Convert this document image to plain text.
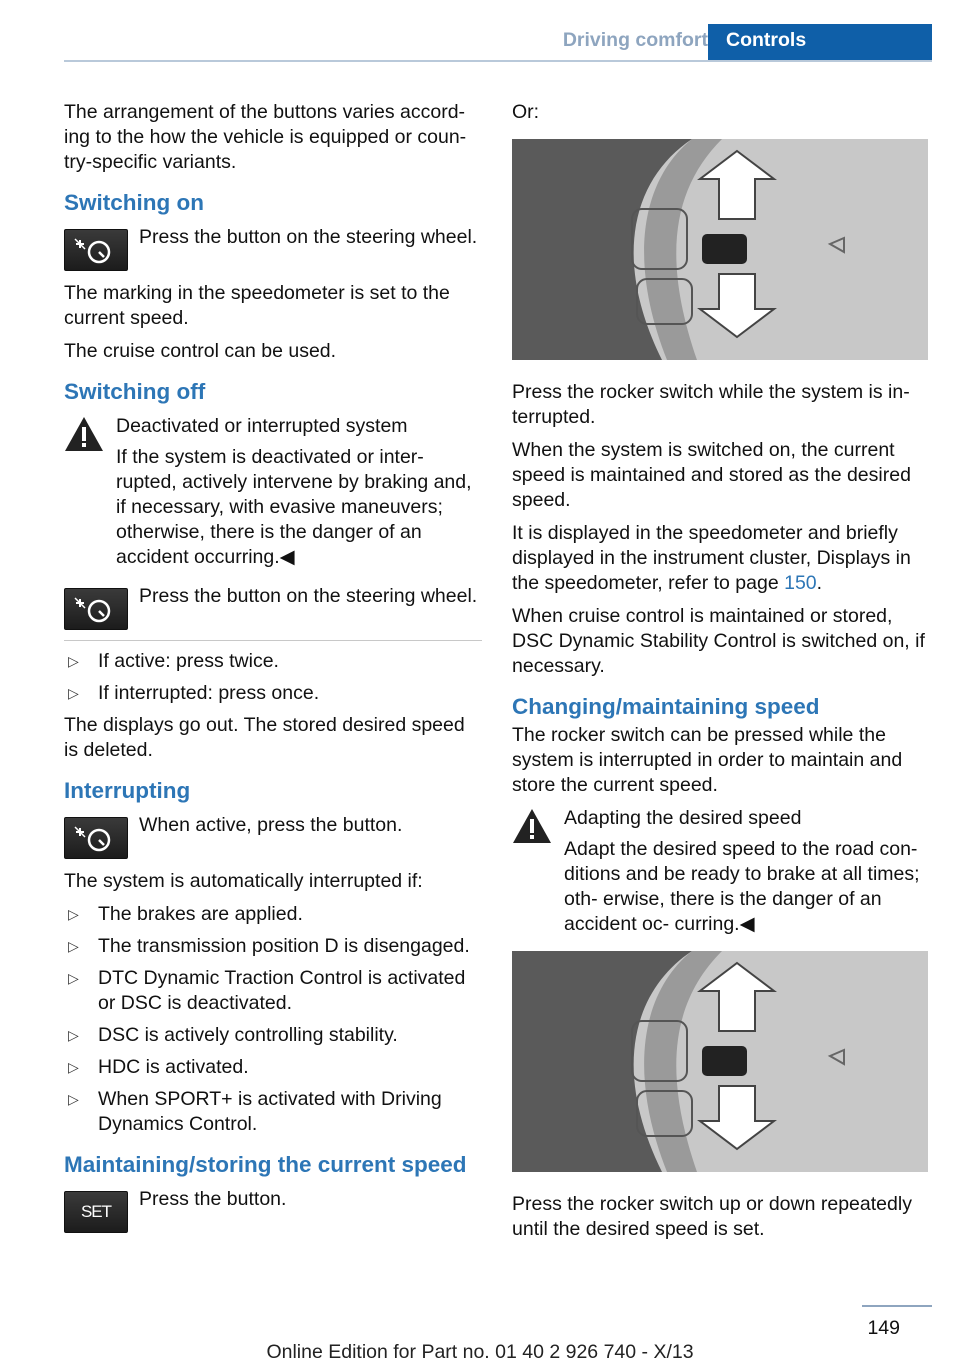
Driving comfort Controls

The arrangement of the buttons varies accord- ing to the how the vehicle is equipped or coun- try-specific variants.

Switching on
Press the button on the steering wheel.

The marking in the speedometer is set to the current speed.

The cruise control can be used.

Switching off
Deactivated or interrupted system
If the system is deactivated or inter- rupted, actively intervene by braking and, if necessary, with evasive maneuvers; otherwise, there is the danger of an accident occurring.◀
Press the button on the steering wheel.
▷ If active: press twice.
▷ If interrupted: press once.

The displays go out. The stored desired speed is deleted.

Interrupting
When active, press the button.

The system is automatically interrupted if:

▷ The brakes are applied.
▷ The transmission position D is disengaged.
▷ DTC Dynamic Traction Control is activated or DSC is deactivated.
▷ DSC is actively controlling stability.
▷ HDC is activated.
▷ When SPORT+ is activated with Driving Dynamics Control.
Maintaining/storing the current speed
SET
Press the button.

Or:

Press the rocker switch while the system is in- terrupted.

When the system is switched on, the current speed is maintained and stored as the desired speed.

It is displayed in the speedometer and briefly displayed in the instrument cluster, Displays in the speedometer, refer to page 150.

When cruise control is maintained or stored, DSC Dynamic Stability Control is switched on, if necessary.

Changing/maintaining speed

The rocker switch can be pressed while the system is interrupted in order to maintain and store the current speed.

Adapting the desired speed
Adapt the desired speed to the road con- ditions and be ready to brake at all times; oth- erwise, there is the danger of an accident oc- curring.◀

Press the rocker switch up or down repeatedly until the desired speed is set.

149
Online Edition for Part no. 01 40 2 926 740 - X/13
